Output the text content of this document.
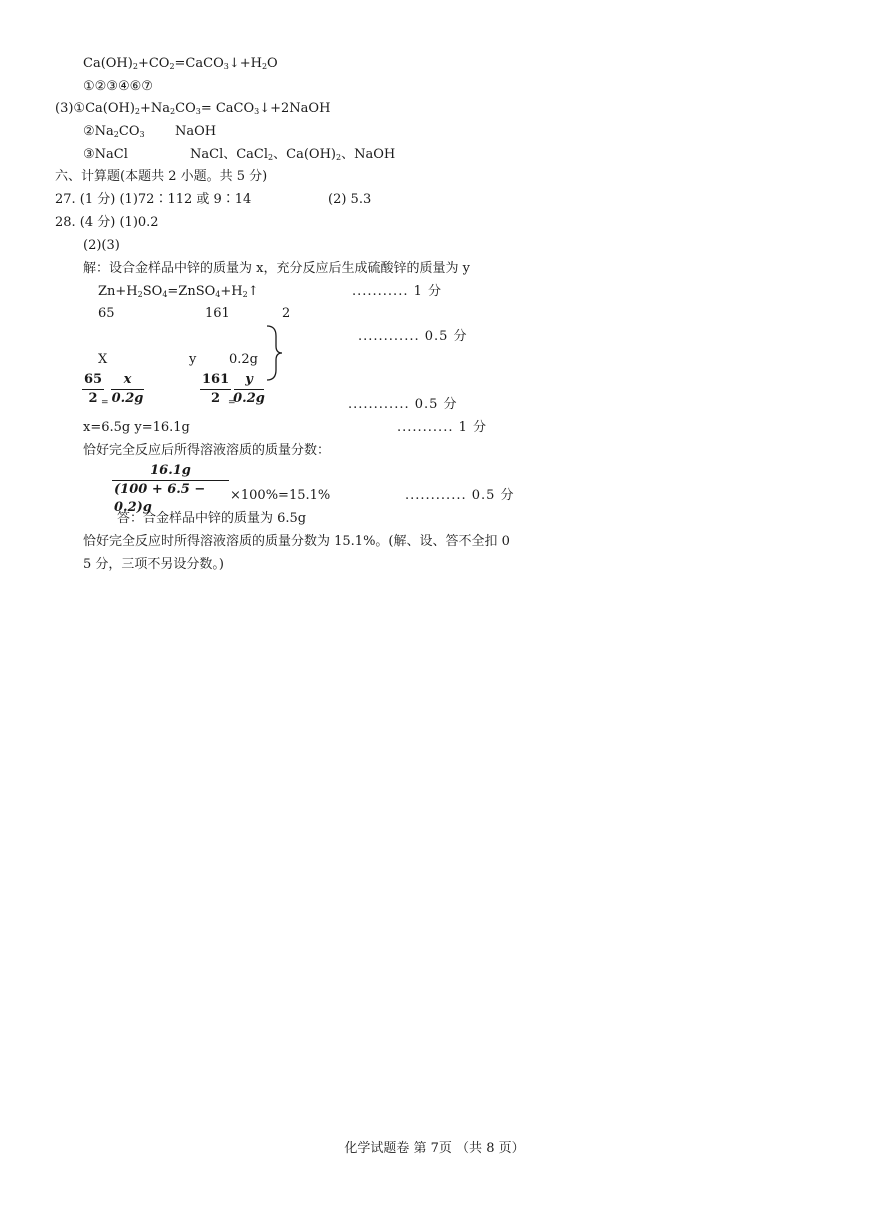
$Ca(OH)_2+CO_2=CaCO_3↓+H_2O$
①②③④⑥⑦
$(3)①Ca(OH)_2+Na_2CO_3=$ CaCO$_3$↓+2NaOH
$②Na_2CO_3$ NaOH
③NaCl	NaCl、CaCl$_2$、$Ca(OH)_2$、NaOH
六、计算题(本题共 2 小题。共 5 分)
27. (1 分) (1)72∶112 或 9∶14	(2) 5.3
28. (4 分) (1)0.2
(2)(3)
解：设合金样品中锌的质量为 x，充分反应后生成硫酸锌的质量为 y
$Zn+H_2SO_4=ZnSO_4+H_2↑$	........... 1 分
65	161	2
............ 0.5 分
X	y	0.2g
65
2 =
x
0.2g
161
2 =
y
0.2g	............ 0.5 分
x=6.5g y=16.1g	........... 1 分
恰好完全反应后所得溶液溶质的质量分数：
16.1g
(100 + 6.5 − 0.2)g
×100%=15.1%	............ 0.5 分
答：合金样品中锌的质量为 6.5g
恰好完全反应时所得溶液溶质的质量分数为 15.1%。(解、设、答不全扣 0
5 分，三项不另设分数。)
化学试题卷 第 7页 （共 8 页）
